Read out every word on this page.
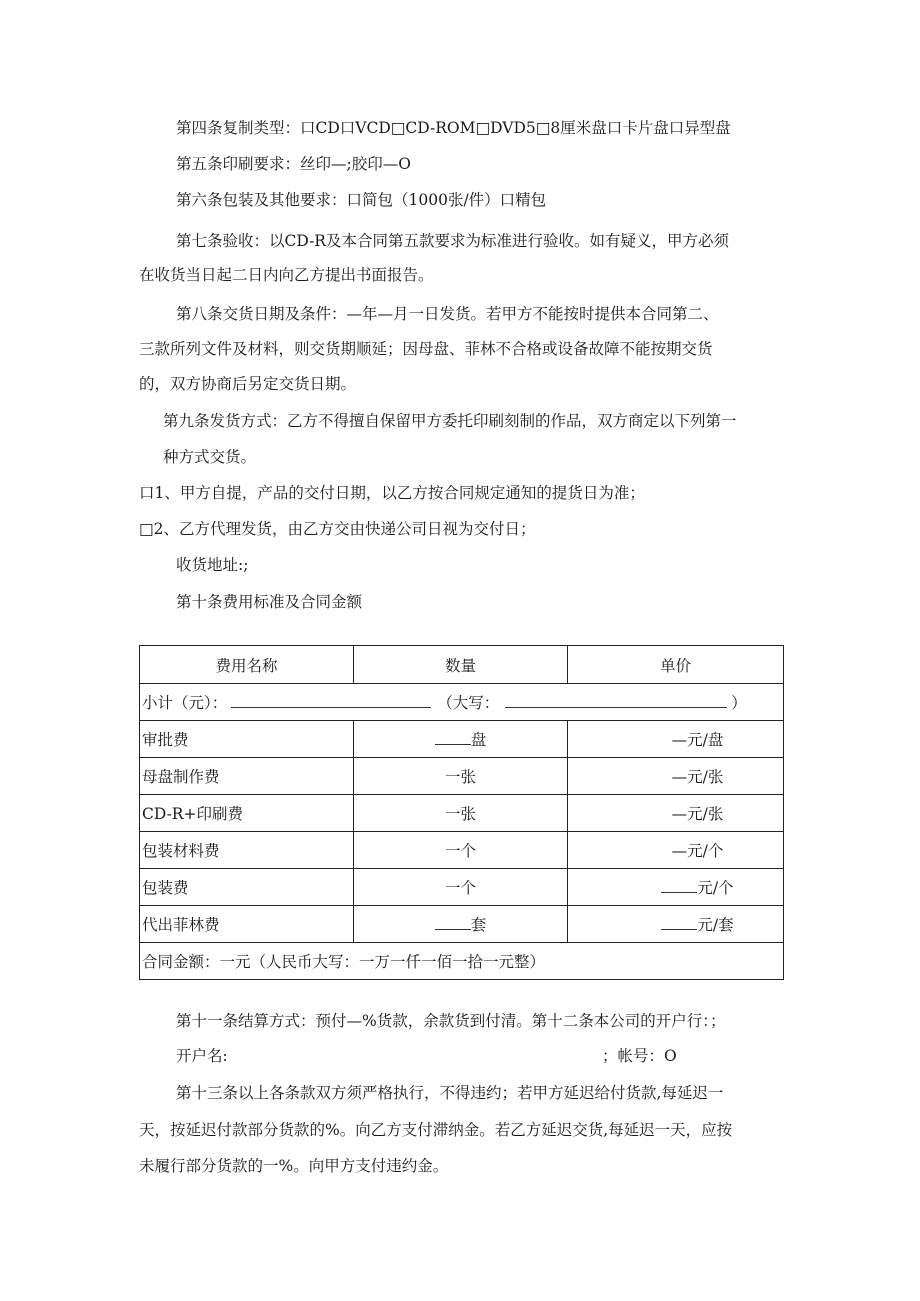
第四条复制类型：口CD口VCD□CD-ROM□DVD5□8厘米盘口卡片盘口异型盘
第五条印刷要求：丝印—;胶印—O
第六条包装及其他要求：口简包（1000张/件）口精包
第七条验收：以CD-R及本合同第五款要求为标准进行验收。如有疑义，甲方必须
在收货当日起二日内向乙方提出书面报告。
第八条交货日期及条件：—年—月一日发货。若甲方不能按时提供本合同第二、
三款所列文件及材料，则交货期顺延；因母盘、菲林不合格或设备故障不能按期交货
的，双方协商后另定交货日期。
第九条发货方式：乙方不得擅自保留甲方委托印刷刻制的作品，双方商定以下列第一
种方式交货。
口1、甲方自提，产品的交付日期，以乙方按合同规定通知的提货日为准；
□2、乙方代理发货，由乙方交由快递公司日视为交付日；
收货地址:;
第十条费用标准及合同金额
费用名称	数量	单价
小计（元）： （大写： ）		
审批费	盘	—元/盘
母盘制作费	一张	—元/张
CD-R+印刷费	一张	—元/张
包装材料费	一个	—元/个
包装费	一个	元/个
代出菲林费	套	元/套
合同金额：一元（人民币大写：一万一仟一佰一拾一元整）		
第十一条结算方式：预付—%货款，余款货到付清。第十二条本公司的开户行：；
开户名:	；帐号：O
第十三条以上各条款双方须严格执行，不得违约；若甲方延迟给付货款,每延迟一
天，按延迟付款部分货款的%。向乙方支付滞纳金。若乙方延迟交货,每延迟一天，应按
未履行部分货款的一%。向甲方支付违约金。
